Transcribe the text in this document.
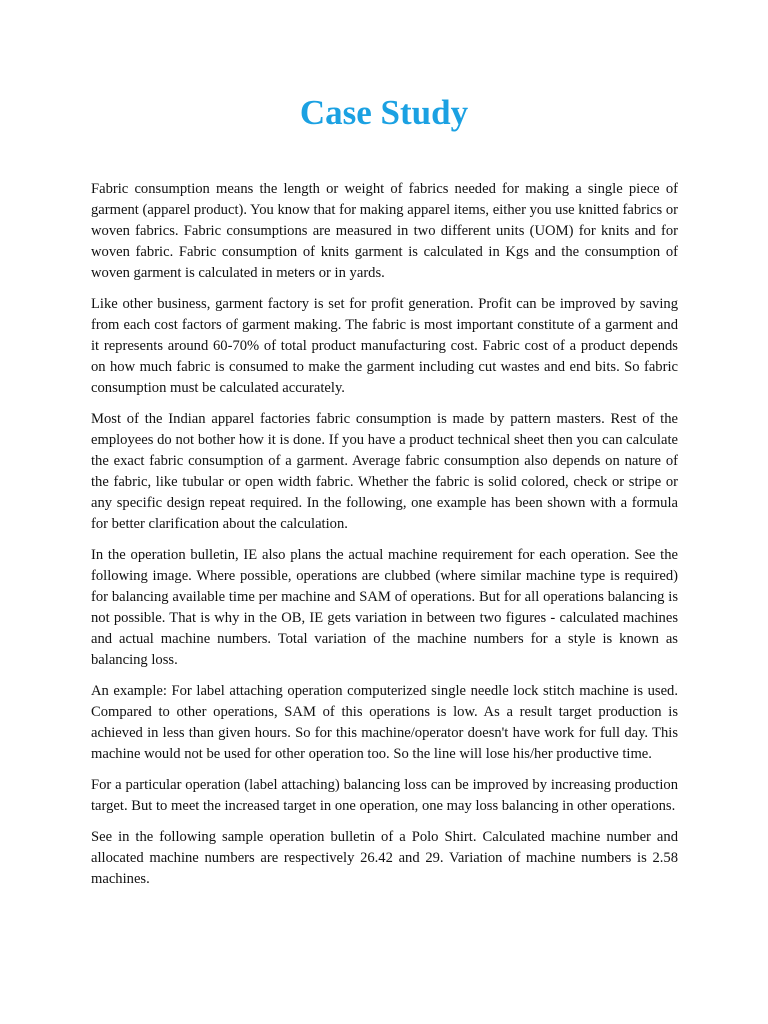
Case Study

Fabric consumption means the length or weight of fabrics needed for making a single piece of garment (apparel product). You know that for making apparel items, either you use knitted fabrics or woven fabrics. Fabric consumptions are measured in two different units (UOM) for knits and for woven fabric. Fabric consumption of knits garment is calculated in Kgs and the consumption of woven garment is calculated in meters or in yards.

Like other business, garment factory is set for profit generation. Profit can be improved by saving from each cost factors of garment making. The fabric is most important constitute of a garment and it represents around 60-70% of total product manufacturing cost. Fabric cost of a product depends on how much fabric is consumed to make the garment including cut wastes and end bits. So fabric consumption must be calculated accurately.

Most of the Indian apparel factories fabric consumption is made by pattern masters. Rest of the employees do not bother how it is done. If you have a product technical sheet then you can calculate the exact fabric consumption of a garment. Average fabric consumption also depends on nature of the fabric, like tubular or open width fabric. Whether the fabric is solid colored, check or stripe or any specific design repeat required. In the following, one example has been shown with a formula for better clarification about the calculation.

In the operation bulletin, IE also plans the actual machine requirement for each operation. See the following image. Where possible, operations are clubbed (where similar machine type is required) for balancing available time per machine and SAM of operations. But for all operations balancing is not possible. That is why in the OB, IE gets variation in between two figures - calculated machines and actual machine numbers. Total variation of the machine numbers for a style is known as balancing loss.

An example: For label attaching operation computerized single needle lock stitch machine is used. Compared to other operations, SAM of this operations is low. As a result target production is achieved in less than given hours. So for this machine/operator doesn't have work for full day. This machine would not be used for other operation too. So the line will lose his/her productive time.

For a particular operation (label attaching) balancing loss can be improved by increasing production target. But to meet the increased target in one operation, one may loss balancing in other operations.

See in the following sample operation bulletin of a Polo Shirt. Calculated machine number and allocated machine numbers are respectively 26.42 and 29. Variation of machine numbers is 2.58 machines.
